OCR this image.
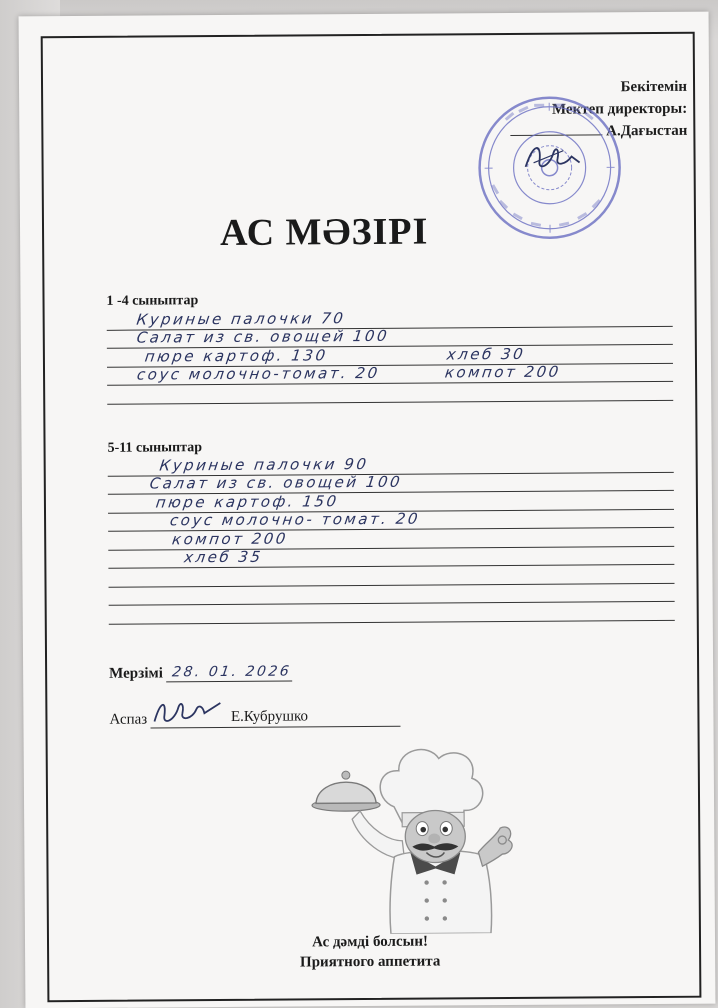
Бекітемін
Мектеп директоры:
А.Дағыстан
АС МӘЗІРІ
1 -4 сыныптар
Куриные палочки 70
Салат из св. овощей 100
пюре картоф. 130	хлеб 30
соус молочно-томат. 20	компот 200
5-11 сыныптар
Куриные палочки 90
Салат из св. овощей 100
пюре картоф. 150
соус молочно- томат. 20
компот 200
хлеб 35
Мерзімі 28. 01. 2026
Аспаз	Е.Кубрушко
Ас дәмді болсын!
Приятного аппетита
